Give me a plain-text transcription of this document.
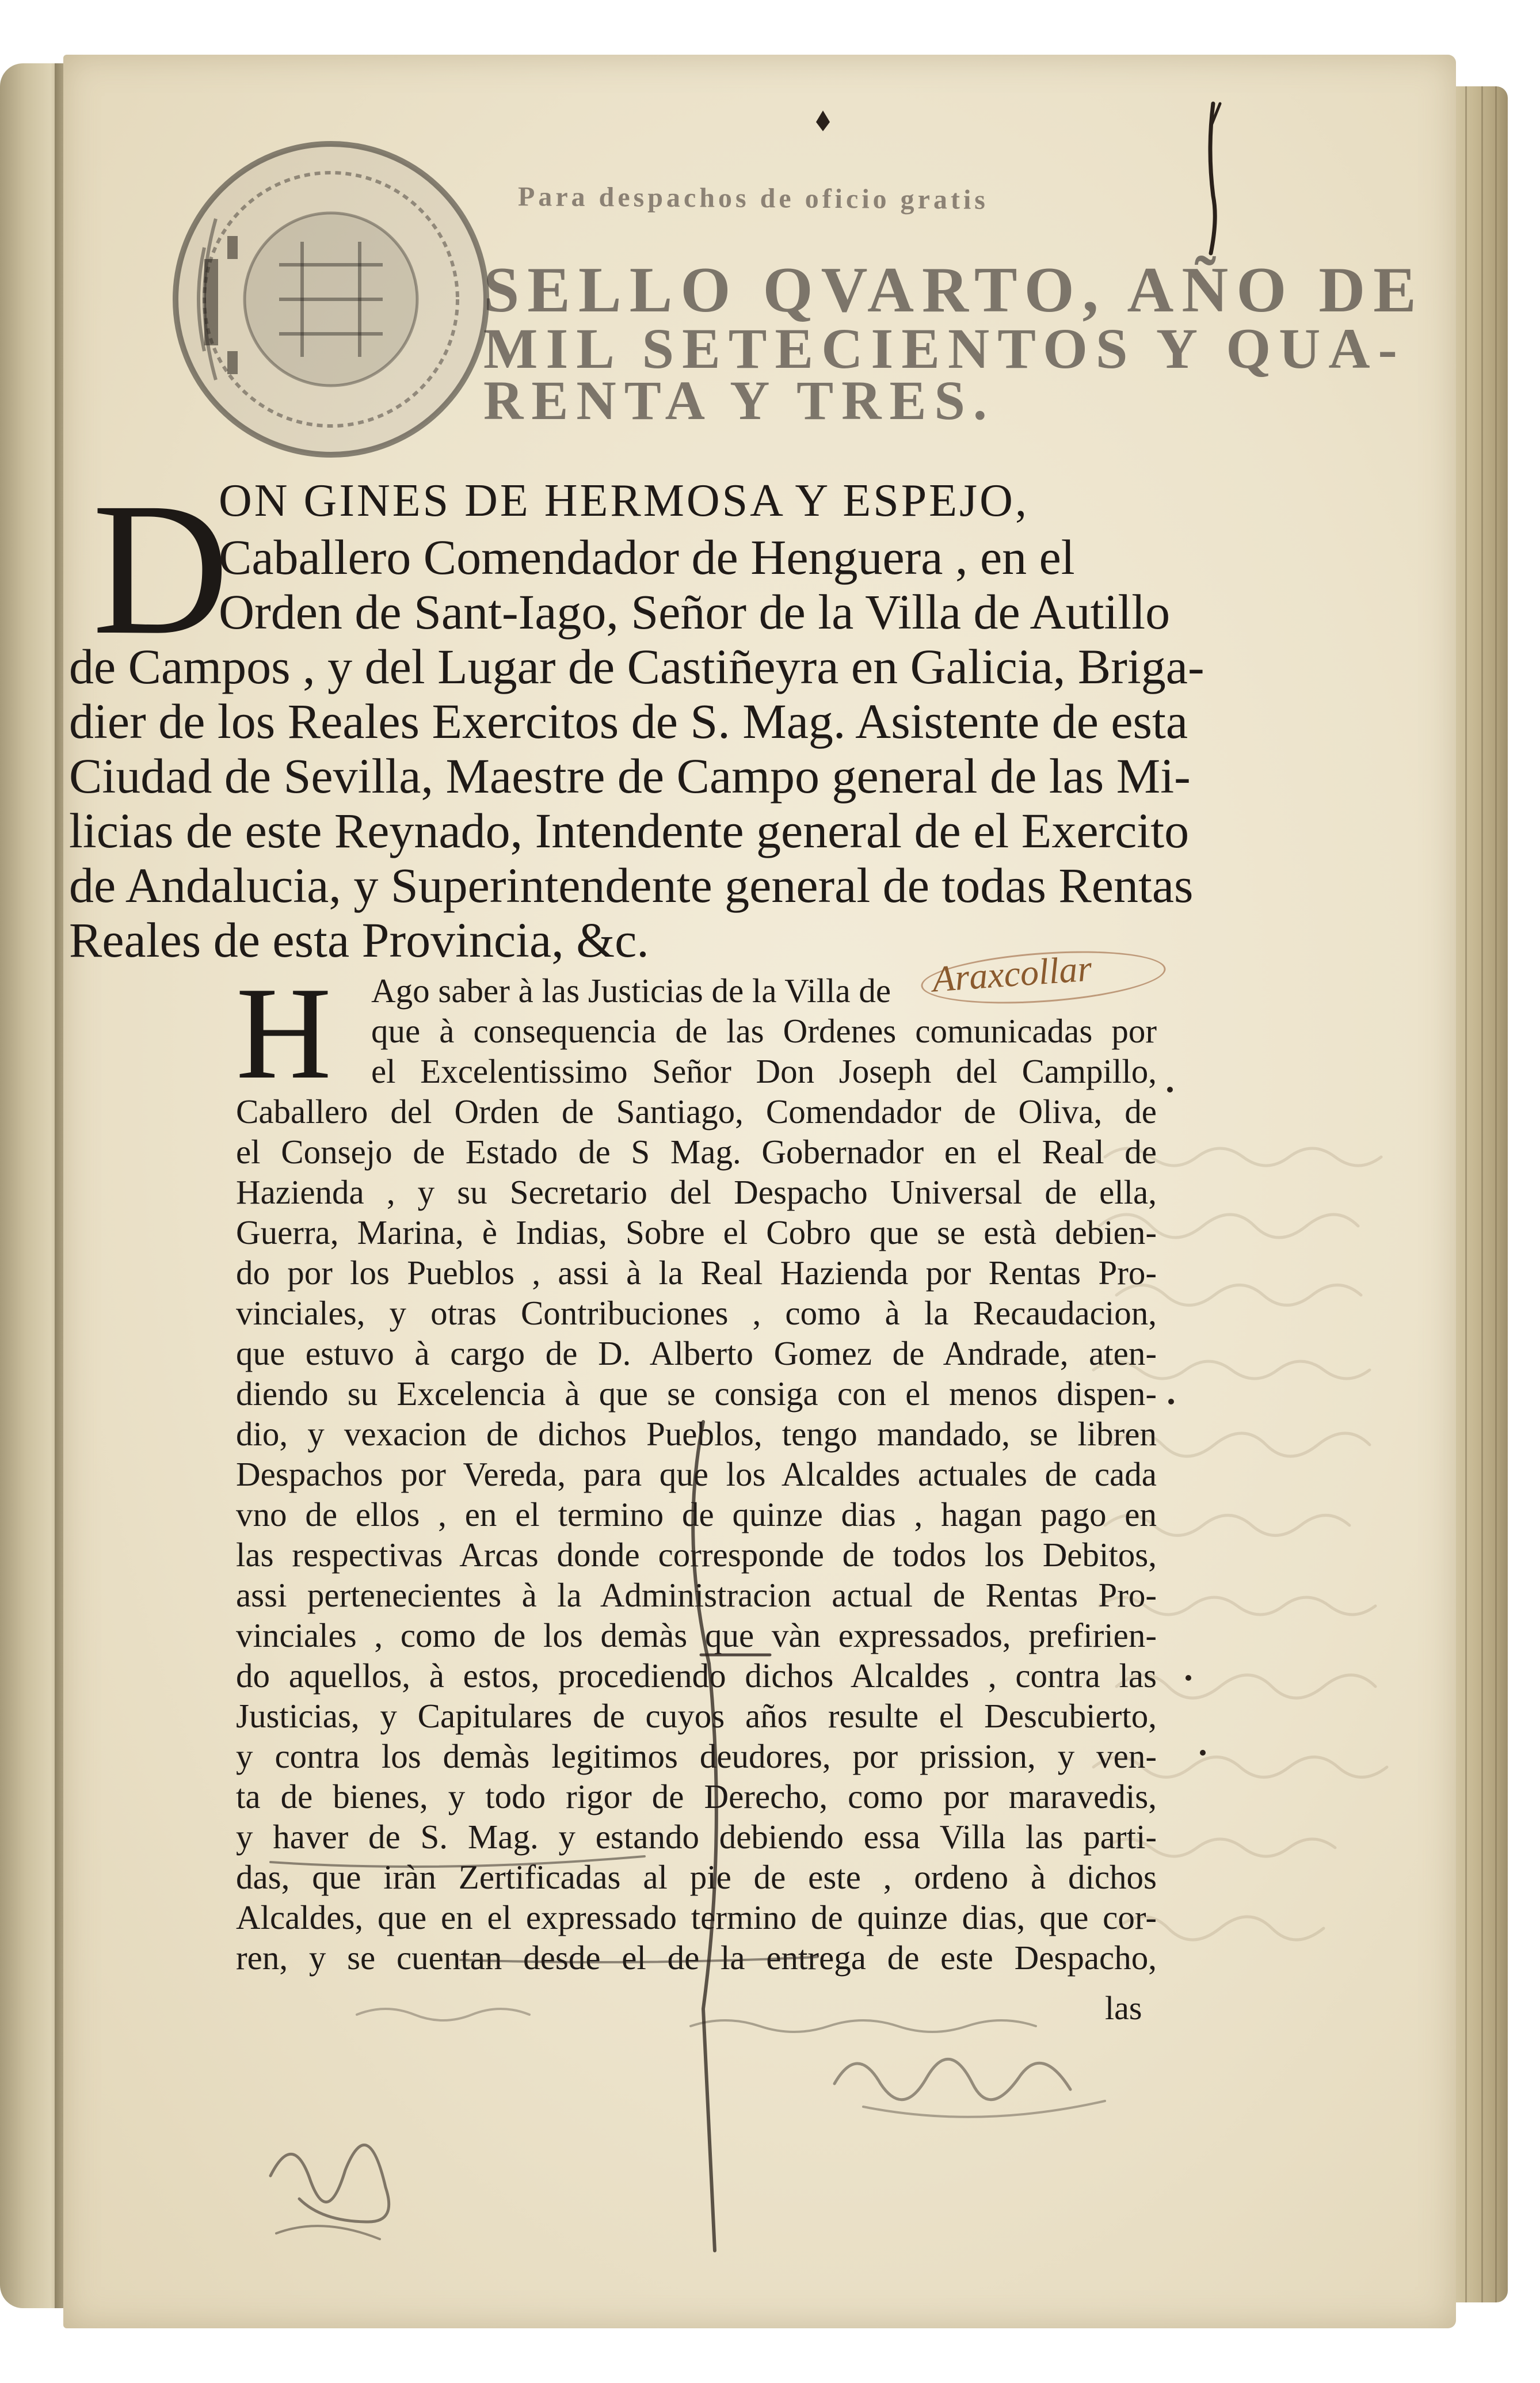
Para despachos de oficio gratis
SELLO QVARTO, AÑO DE
MIL SETECIENTOS Y QUA-
RENTA Y TRES.
D
ON GINES DE HERMOSA Y ESPEJO,
Caballero Comendador de Henguera , en el
Orden de Sant-Iago, Señor de la Villa de Autillo
de Campos , y del Lugar de Castiñeyra en Galicia, Briga-
dier de los Reales Exercitos de S. Mag. Asistente de esta
Ciudad de Sevilla, Maestre de Campo general de las Mi-
licias de este Reynado, Intendente general de el Exercito
de Andalucia, y Superintendente general de todas Rentas
Reales de esta Provincia, &c.
Araxcollar
H Ago saber à las Justicias de la Villa de
que à consequencia de las Ordenes comunicadas por
el Excelentissimo Señor Don Joseph del Campillo,
Caballero del Orden de Santiago, Comendador de Oliva, de
el Consejo de Estado de S Mag. Gobernador en el Real de
Hazienda , y su Secretario del Despacho Universal de ella,
Guerra, Marina, è Indias, Sobre el Cobro que se està debien-
do por los Pueblos , assi à la Real Hazienda por Rentas Pro-
vinciales, y otras Contribuciones , como à la Recaudacion,
que estuvo à cargo de D. Alberto Gomez de Andrade, aten-
diendo su Excelencia à que se consiga con el menos dispen-
dio, y vexacion de dichos Pueblos, tengo mandado, se libren
Despachos por Vereda, para que los Alcaldes actuales de cada
vno de ellos , en el termino de quinze dias , hagan pago en
las respectivas Arcas donde corresponde de todos los Debitos,
assi pertenecientes à la Administracion actual de Rentas Pro-
vinciales , como de los demàs que vàn expressados, prefirien-
do aquellos, à estos, procediendo dichos Alcaldes , contra las
Justicias, y Capitulares de cuyos años resulte el Descubierto,
y contra los demàs legitimos deudores, por prission, y ven-
ta de bienes, y todo rigor de Derecho, como por maravedis,
y haver de S. Mag. y estando debiendo essa Villa las parti-
das, que iràn Zertificadas al pie de este , ordeno à dichos
Alcaldes, que en el expressado termino de quinze dias, que cor-
ren, y se cuentan desde el de la entrega de este Despacho,
las
